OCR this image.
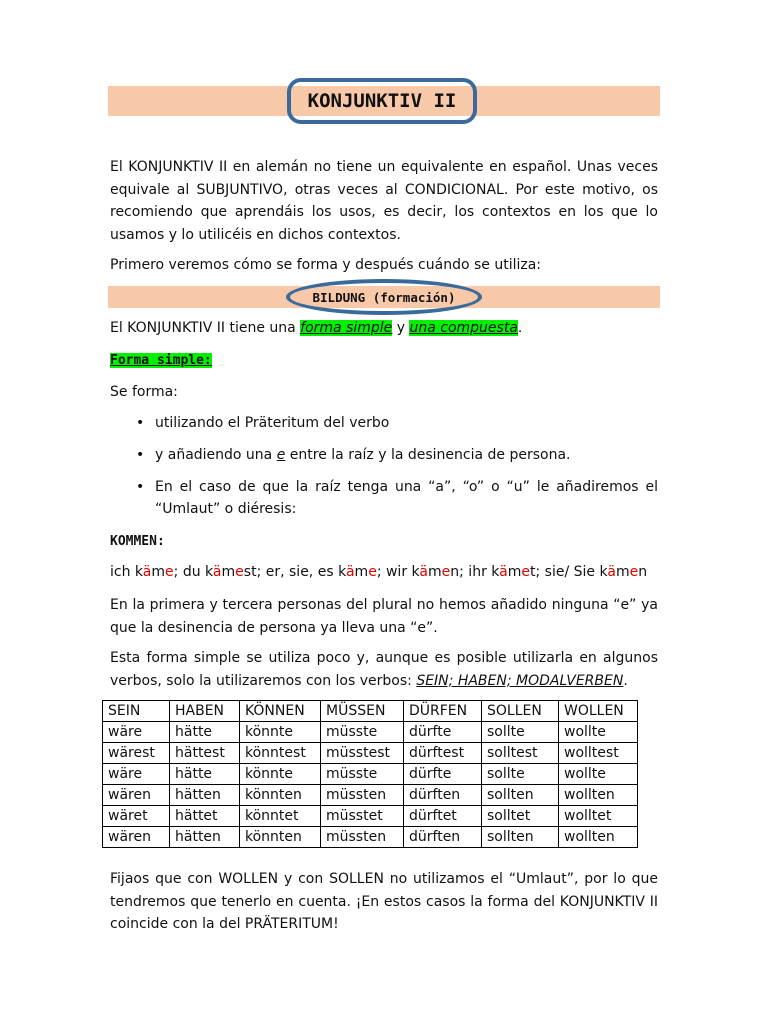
KONJUNKTIV II
El KONJUNKTIV II en alemán no tiene un equivalente en español. Unas veces equivale al SUBJUNTIVO, otras veces al CONDICIONAL. Por este motivo, os recomiendo que aprendáis los usos, es decir, los contextos en los que lo usamos y lo utilicéis en dichos contextos.
Primero veremos cómo se forma y después cuándo se utiliza:
BILDUNG (formación)
El KONJUNKTIV II tiene una forma simple y una compuesta.
Forma simple:
Se forma:
• utilizando el Präteritum del verbo
• y añadiendo una e entre la raíz y la desinencia de persona.
• En el caso de que la raíz tenga una “a”, “o” o “u” le añadiremos el “Umlaut” o diéresis:
KOMMEN:
ich käme; du kämest; er, sie, es käme; wir kämen; ihr kämet; sie/ Sie kämen
En la primera y tercera personas del plural no hemos añadido ninguna “e” ya que la desinencia de persona ya lleva una “e”.
Esta forma simple se utiliza poco y, aunque es posible utilizarla en algunos verbos, solo la utilizaremos con los verbos: SEIN; HABEN; MODALVERBEN.
SEIN	HABEN	KÖNNEN	MÜSSEN	DÜRFEN	SOLLEN	WOLLEN
wäre	hätte	könnte	müsste	dürfte	sollte	wollte
wärest	hättest	könntest	müsstest	dürftest	solltest	wolltest
wäre	hätte	könnte	müsste	dürfte	sollte	wollte
wären	hätten	könnten	müssten	dürften	sollten	wollten
wäret	hättet	könntet	müsstet	dürftet	solltet	wolltet
wären	hätten	könnten	müssten	dürften	sollten	wollten
Fijaos que con WOLLEN y con SOLLEN no utilizamos el “Umlaut”, por lo que tendremos que tenerlo en cuenta. ¡En estos casos la forma del KONJUNKTIV II coincide con la del PRÄTERITUM!
